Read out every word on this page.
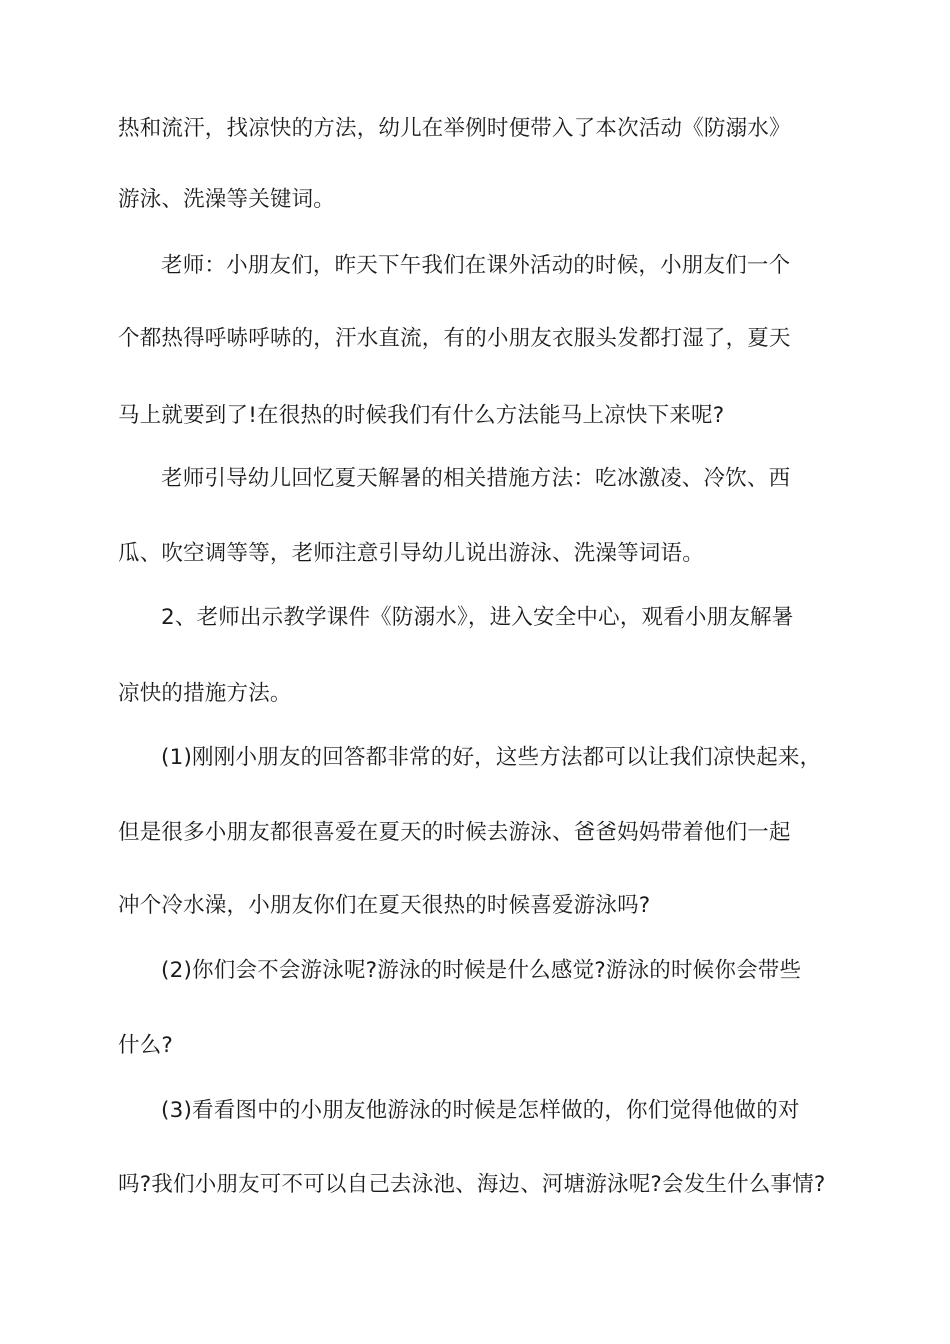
热和流汗，找凉快的方法，幼儿在举例时便带入了本次活动《防溺水》
游泳、洗澡等关键词。
老师：小朋友们，昨天下午我们在课外活动的时候，小朋友们一个
个都热得呼哧呼哧的，汗水直流，有的小朋友衣服头发都打湿了，夏天
马上就要到了!在很热的时候我们有什么方法能马上凉快下来呢?
老师引导幼儿回忆夏天解暑的相关措施方法：吃冰激凌、冷饮、西
瓜、吹空调等等，老师注意引导幼儿说出游泳、洗澡等词语。
2、老师出示教学课件《防溺水》，进入安全中心，观看小朋友解暑
凉快的措施方法。
(1)刚刚小朋友的回答都非常的好，这些方法都可以让我们凉快起来，
但是很多小朋友都很喜爱在夏天的时候去游泳、爸爸妈妈带着他们一起
冲个冷水澡，小朋友你们在夏天很热的时候喜爱游泳吗?
(2)你们会不会游泳呢?游泳的时候是什么感觉?游泳的时候你会带些
什么?
(3)看看图中的小朋友他游泳的时候是怎样做的，你们觉得他做的对
吗?我们小朋友可不可以自己去泳池、海边、河塘游泳呢?会发生什么事情?
